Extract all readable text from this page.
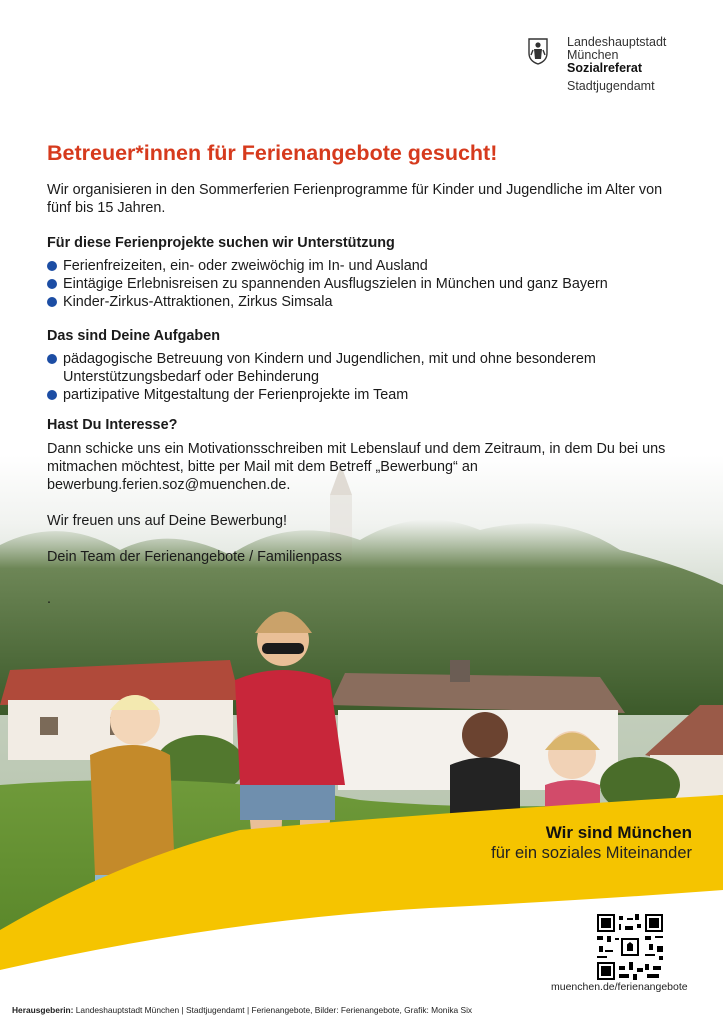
Landeshauptstadt
München
Sozialreferat
Stadtjugendamt
Betreuer*innen für Ferienangebote gesucht!

Wir organisieren in den Sommerferien Ferienprogramme für Kinder und Jugendliche im Alter von fünf bis 15 Jahren.

Für diese Ferienprojekte suchen wir Unterstützung
Ferienfreizeiten, ein- oder zweiwöchig im In- und Ausland
Eintägige Erlebnisreisen zu spannenden Ausflugszielen in München und ganz Bayern
Kinder-Zirkus-Attraktionen, Zirkus Simsala
Das sind Deine Aufgaben
pädagogische Betreuung von Kindern und Jugendlichen, mit und ohne besonderem Unterstützungsbedarf oder Behinderung
partizipative Mitgestaltung der Ferienprojekte im Team
Hast Du Interesse?

Dann schicke uns ein Motivationsschreiben mit Lebenslauf und dem Zeitraum, in dem Du bei uns mitmachen möchtest, bitte per Mail mit dem Betreff „Bewerbung“ an bewerbung.ferien.soz@muenchen.de.

Wir freuen uns auf Deine Bewerbung!

Dein Team der Ferienangebote / Familienpass

.

Wir sind München
für ein soziales Miteinander
muenchen.de/ferienangebote
Herausgeberin: Landeshauptstadt München | Stadtjugendamt | Ferienangebote, Bilder: Ferienangebote, Grafik: Monika Six
